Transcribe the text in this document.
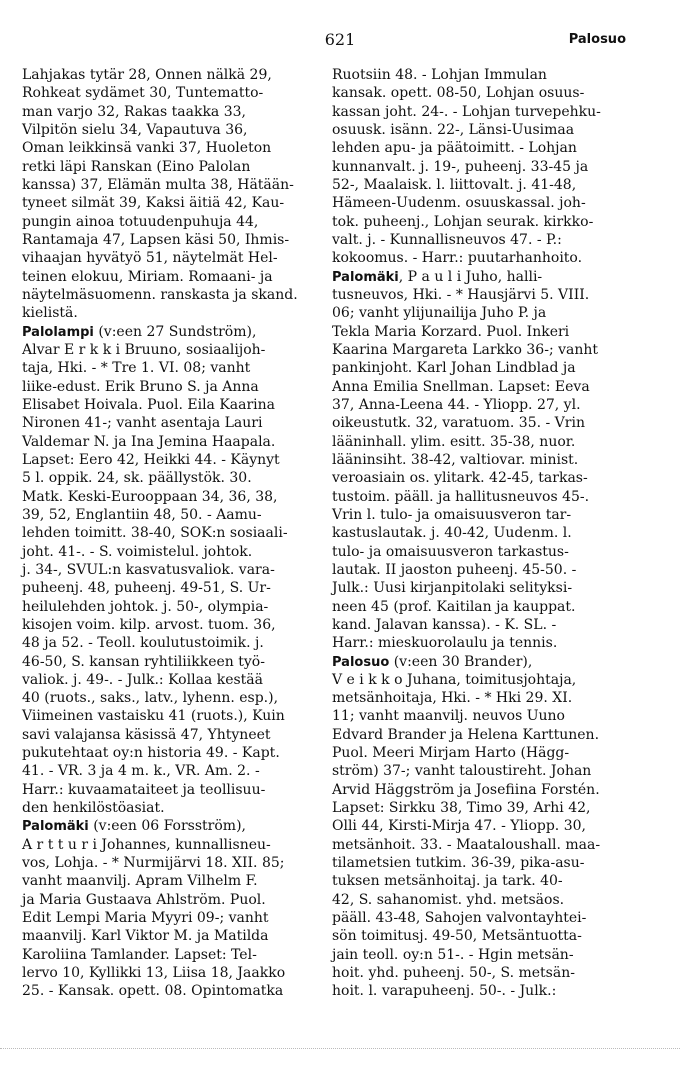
621	Palosuo
Lahjakas tytär 28, Onnen nälkä 29,
Rohkeat sydämet 30, Tuntematto-
man varjo 32, Rakas taakka 33,
Vilpitön sielu 34, Vapautuva 36,
Oman leikkinsä vanki 37, Huoleton
retki läpi Ranskan (Eino Palolan
kanssa) 37, Elämän multa 38, Hätään-
tyneet silmät 39, Kaksi äitiä 42, Kau-
pungin ainoa totuudenpuhuja 44,
Rantamaja 47, Lapsen käsi 50, Ihmis-
vihaajan hyvätyö 51, näytelmät Hel-
teinen elokuu, Miriam. Romaani- ja
näytelmäsuomenn. ranskasta ja skand.
kielistä.
Palolampi (v:een 27 Sundström),
Alvar E r k k i Bruuno, sosiaalijoh-
taja, Hki. - * Tre 1. VI. 08; vanht
liike-edust. Erik Bruno S. ja Anna
Elisabet Hoivala. Puol. Eila Kaarina
Nironen 41-; vanht asentaja Lauri
Valdemar N. ja Ina Jemina Haapala.
Lapset: Eero 42, Heikki 44. - Käynyt
5 l. oppik. 24, sk. päällystök. 30.
Matk. Keski-Eurooppaan 34, 36, 38,
39, 52, Englantiin 48, 50. - Aamu-
lehden toimitt. 38-40, SOK:n sosiaali-
joht. 41-. - S. voimistelul. johtok.
j. 34-, SVUL:n kasvatusvaliok. vara-
puheenj. 48, puheenj. 49-51, S. Ur-
heilulehden johtok. j. 50-, olympia-
kisojen voim. kilp. arvost. tuom. 36,
48 ja 52. - Teoll. koulutustoimik. j.
46-50, S. kansan ryhtiliikkeen työ-
valiok. j. 49-. - Julk.: Kollaa kestää
40 (ruots., saks., latv., lyhenn. esp.),
Viimeinen vastaisku 41 (ruots.), Kuin
savi valajansa käsissä 47, Yhtyneet
pukutehtaat oy:n historia 49. - Kapt.
41. - VR. 3 ja 4 m. k., VR. Am. 2. -
Harr.: kuvaamataiteet ja teollisuu-
den henkilöstöasiat.
Palomäki (v:een 06 Forsström),
A r t t u r i Johannes, kunnallisneu-
vos, Lohja. - * Nurmijärvi 18. XII. 85;
vanht maanvilj. Apram Vilhelm F.
ja Maria Gustaava Ahlström. Puol.
Edit Lempi Maria Myyri 09-; vanht
maanvilj. Karl Viktor M. ja Matilda
Karoliina Tamlander. Lapset: Tel-
lervo 10, Kyllikki 13, Liisa 18, Jaakko
25. - Kansak. opett. 08. Opintomatka
Ruotsiin 48. - Lohjan Immulan
kansak. opett. 08-50, Lohjan osuus-
kassan joht. 24-. - Lohjan turvepehku-
osuusk. isänn. 22-, Länsi-Uusimaa
lehden apu- ja päätoimitt. - Lohjan
kunnanvalt. j. 19-, puheenj. 33-45 ja
52-, Maalaisk. l. liittovalt. j. 41-48,
Hämeen-Uudenm. osuuskassal. joh-
tok. puheenj., Lohjan seurak. kirkko-
valt. j. - Kunnallisneuvos 47. - P.:
kokoomus. - Harr.: puutarhanhoito.
Palomäki, P a u l i Juho, halli-
tusneuvos, Hki. - * Hausjärvi 5. VIII.
06; vanht ylijunailija Juho P. ja
Tekla Maria Korzard. Puol. Inkeri
Kaarina Margareta Larkko 36-; vanht
pankinjoht. Karl Johan Lindblad ja
Anna Emilia Snellman. Lapset: Eeva
37, Anna-Leena 44. - Yliopp. 27, yl.
oikeustutk. 32, varatuom. 35. - Vrin
lääninhall. ylim. esitt. 35-38, nuor.
lääninsiht. 38-42, valtiovar. minist.
veroasiain os. ylitark. 42-45, tarkas-
tustoim. pääll. ja hallitusneuvos 45-.
Vrin l. tulo- ja omaisuusveron tar-
kastuslautak. j. 40-42, Uudenm. l.
tulo- ja omaisuusveron tarkastus-
lautak. II jaoston puheenj. 45-50. -
Julk.: Uusi kirjanpitolaki selityksi-
neen 45 (prof. Kaitilan ja kauppat.
kand. Jalavan kanssa). - K. SL. -
Harr.: mieskuorolaulu ja tennis.
Palosuo (v:een 30 Brander),
V e i k k o Juhana, toimitusjohtaja,
metsänhoitaja, Hki. - * Hki 29. XI.
11; vanht maanvilj. neuvos Uuno
Edvard Brander ja Helena Karttunen.
Puol. Meeri Mirjam Harto (Hägg-
ström) 37-; vanht taloustireht. Johan
Arvid Häggström ja Josefiina Forstén.
Lapset: Sirkku 38, Timo 39, Arhi 42,
Olli 44, Kirsti-Mirja 47. - Yliopp. 30,
metsänhoit. 33. - Maataloushall. maa-
tilametsien tutkim. 36-39, pika-asu-
tuksen metsänhoitaj. ja tark. 40-
42, S. sahanomist. yhd. metsäos.
pääll. 43-48, Sahojen valvontayhtei-
sön toimitusj. 49-50, Metsäntuotta-
jain teoll. oy:n 51-. - Hgin metsän-
hoit. yhd. puheenj. 50-, S. metsän-
hoit. l. varapuheenj. 50-. - Julk.:
